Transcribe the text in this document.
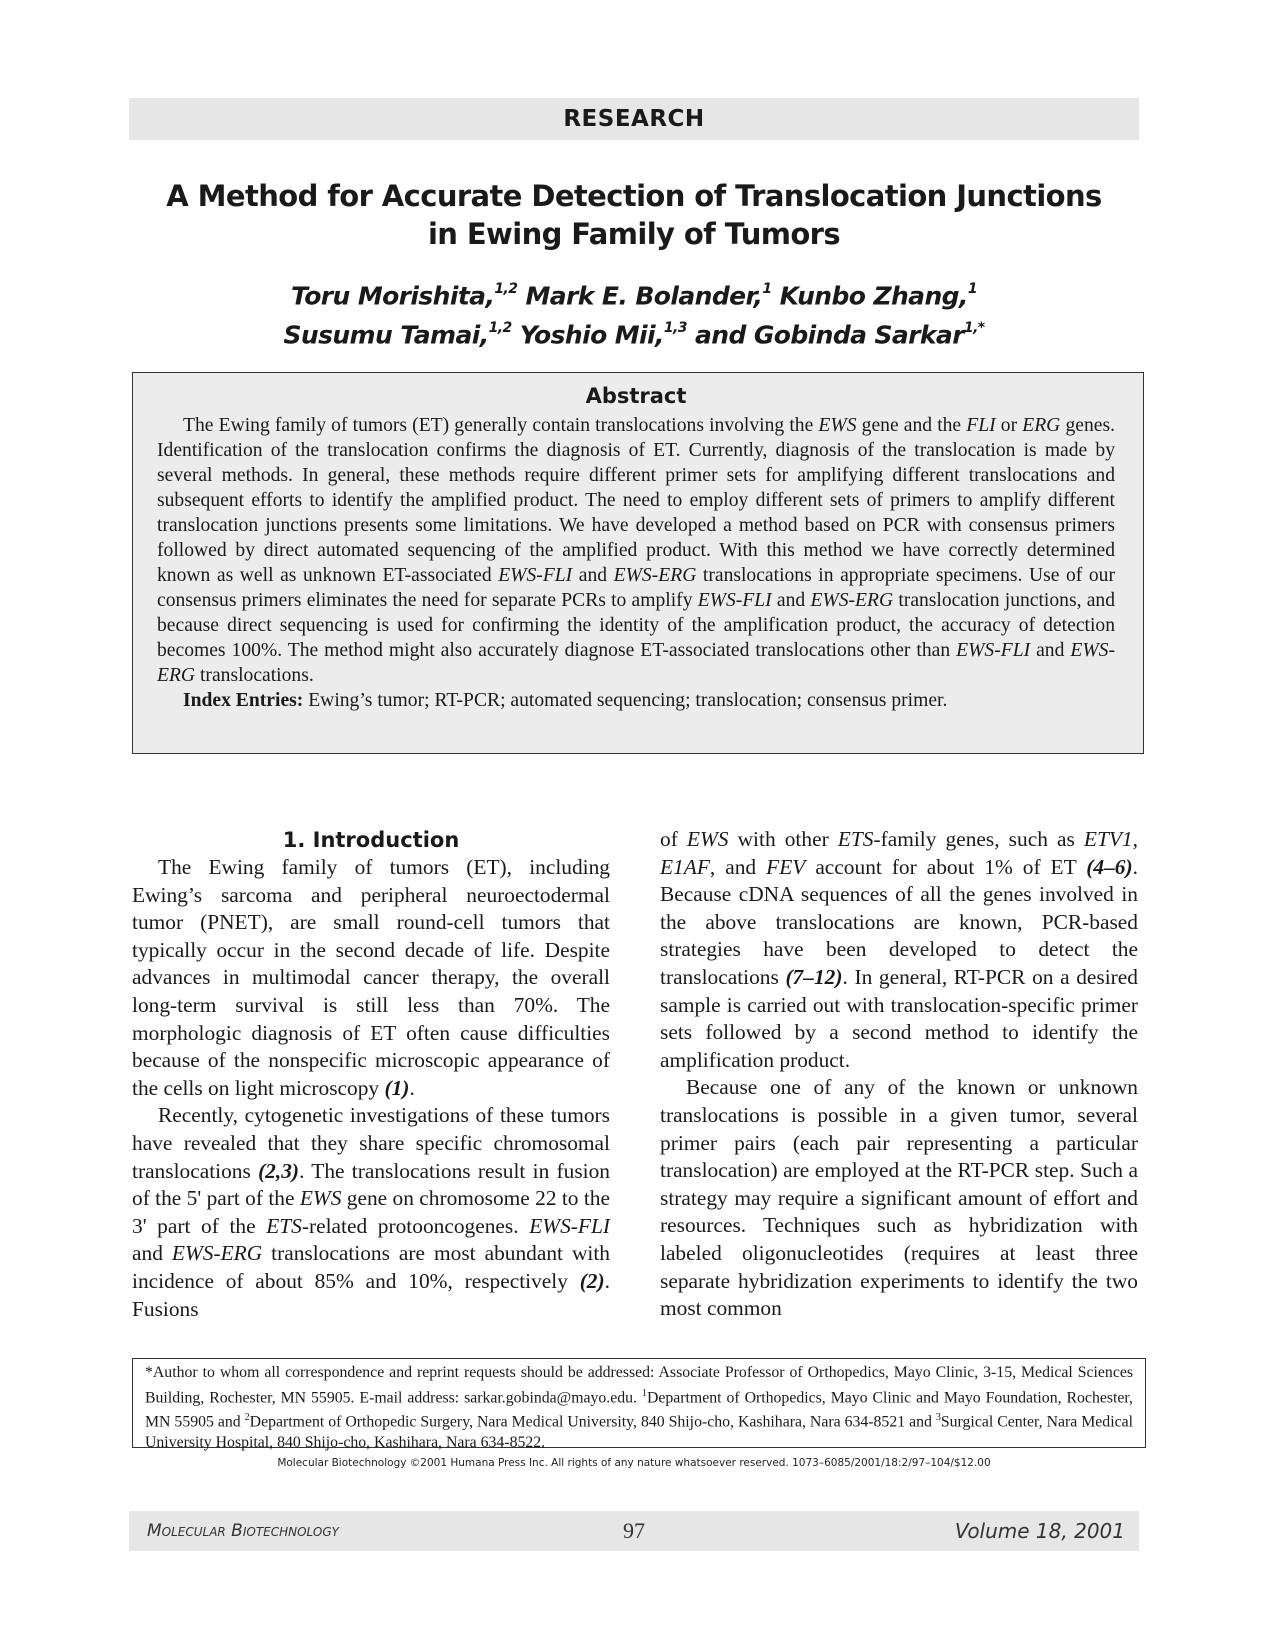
RESEARCH
A Method for Accurate Detection of Translocation Junctions
in Ewing Family of Tumors
Toru Morishita,$^{1,2}$ Mark E. Bolander,$^1$ Kunbo Zhang,$^1$
Susumu Tamai,$^{1,2}$ Yoshio Mii,$^{1,3}$ and Gobinda Sarkar$^{1,*}$
Abstract

The Ewing family of tumors (ET) generally contain translocations involving the EWS gene and the FLI or ERG genes. Identification of the translocation confirms the diagnosis of ET. Currently, diagnosis of the translocation is made by several methods. In general, these methods require different primer sets for amplifying different translocations and subsequent efforts to identify the amplified product. The need to employ different sets of primers to amplify different translocation junctions presents some limitations. We have developed a method based on PCR with consensus primers followed by direct automated sequencing of the amplified product. With this method we have correctly determined known as well as unknown ET-associated EWS-FLI and EWS-ERG translocations in appropriate specimens. Use of our consensus primers eliminates the need for separate PCRs to amplify EWS-FLI and EWS-ERG translocation junctions, and because direct sequencing is used for confirming the identity of the amplification product, the accuracy of detection becomes 100%. The method might also accurately diagnose ET-associated translocations other than EWS-FLI and EWS-ERG translocations.

Index Entries: Ewing’s tumor; RT-PCR; automated sequencing; translocation; consensus primer.

1. Introduction

The Ewing family of tumors (ET), including Ewing’s sarcoma and peripheral neuroectodermal tumor (PNET), are small round-cell tumors that typically occur in the second decade of life. Despite advances in multimodal cancer therapy, the overall long-term survival is still less than 70%. The morphologic diagnosis of ET often cause difficulties because of the nonspecific microscopic appearance of the cells on light microscopy (1).

Recently, cytogenetic investigations of these tumors have revealed that they share specific chromosomal translocations (2,3). The translocations result in fusion of the 5' part of the EWS gene on chromosome 22 to the 3' part of the ETS-related protooncogenes. EWS-FLI and EWS-ERG translocations are most abundant with incidence of about 85% and 10%, respectively (2). Fusions

of EWS with other ETS-family genes, such as ETV1, E1AF, and FEV account for about 1% of ET (4–6). Because cDNA sequences of all the genes involved in the above translocations are known, PCR-based strategies have been developed to detect the translocations (7–12). In general, RT-PCR on a desired sample is carried out with translocation-specific primer sets followed by a second method to identify the amplification product.

Because one of any of the known or unknown translocations is possible in a given tumor, several primer pairs (each pair representing a particular translocation) are employed at the RT-PCR step. Such a strategy may require a significant amount of effort and resources. Techniques such as hybridization with labeled oligonucleotides (requires at least three separate hybridization experiments to identify the two most common

*Author to whom all correspondence and reprint requests should be addressed: Associate Professor of Orthopedics, Mayo Clinic, 3-15, Medical Sciences Building, Rochester, MN 55905. E-mail address: sarkar.gobinda@mayo.edu. $^1$Department of Orthopedics, Mayo Clinic and Mayo Foundation, Rochester, MN 55905 and $^2$Department of Orthopedic Surgery, Nara Medical University, 840 Shijo-cho, Kashihara, Nara 634-8521 and $^3$Surgical Center, Nara Medical University Hospital, 840 Shijo-cho, Kashihara, Nara 634-8522.
Molecular Biotechnology ©2001 Humana Press Inc. All rights of any nature whatsoever reserved. 1073–6085/2001/18:2/97–104/$12.00
Molecular Biotechnology	97	Volume 18, 2001
